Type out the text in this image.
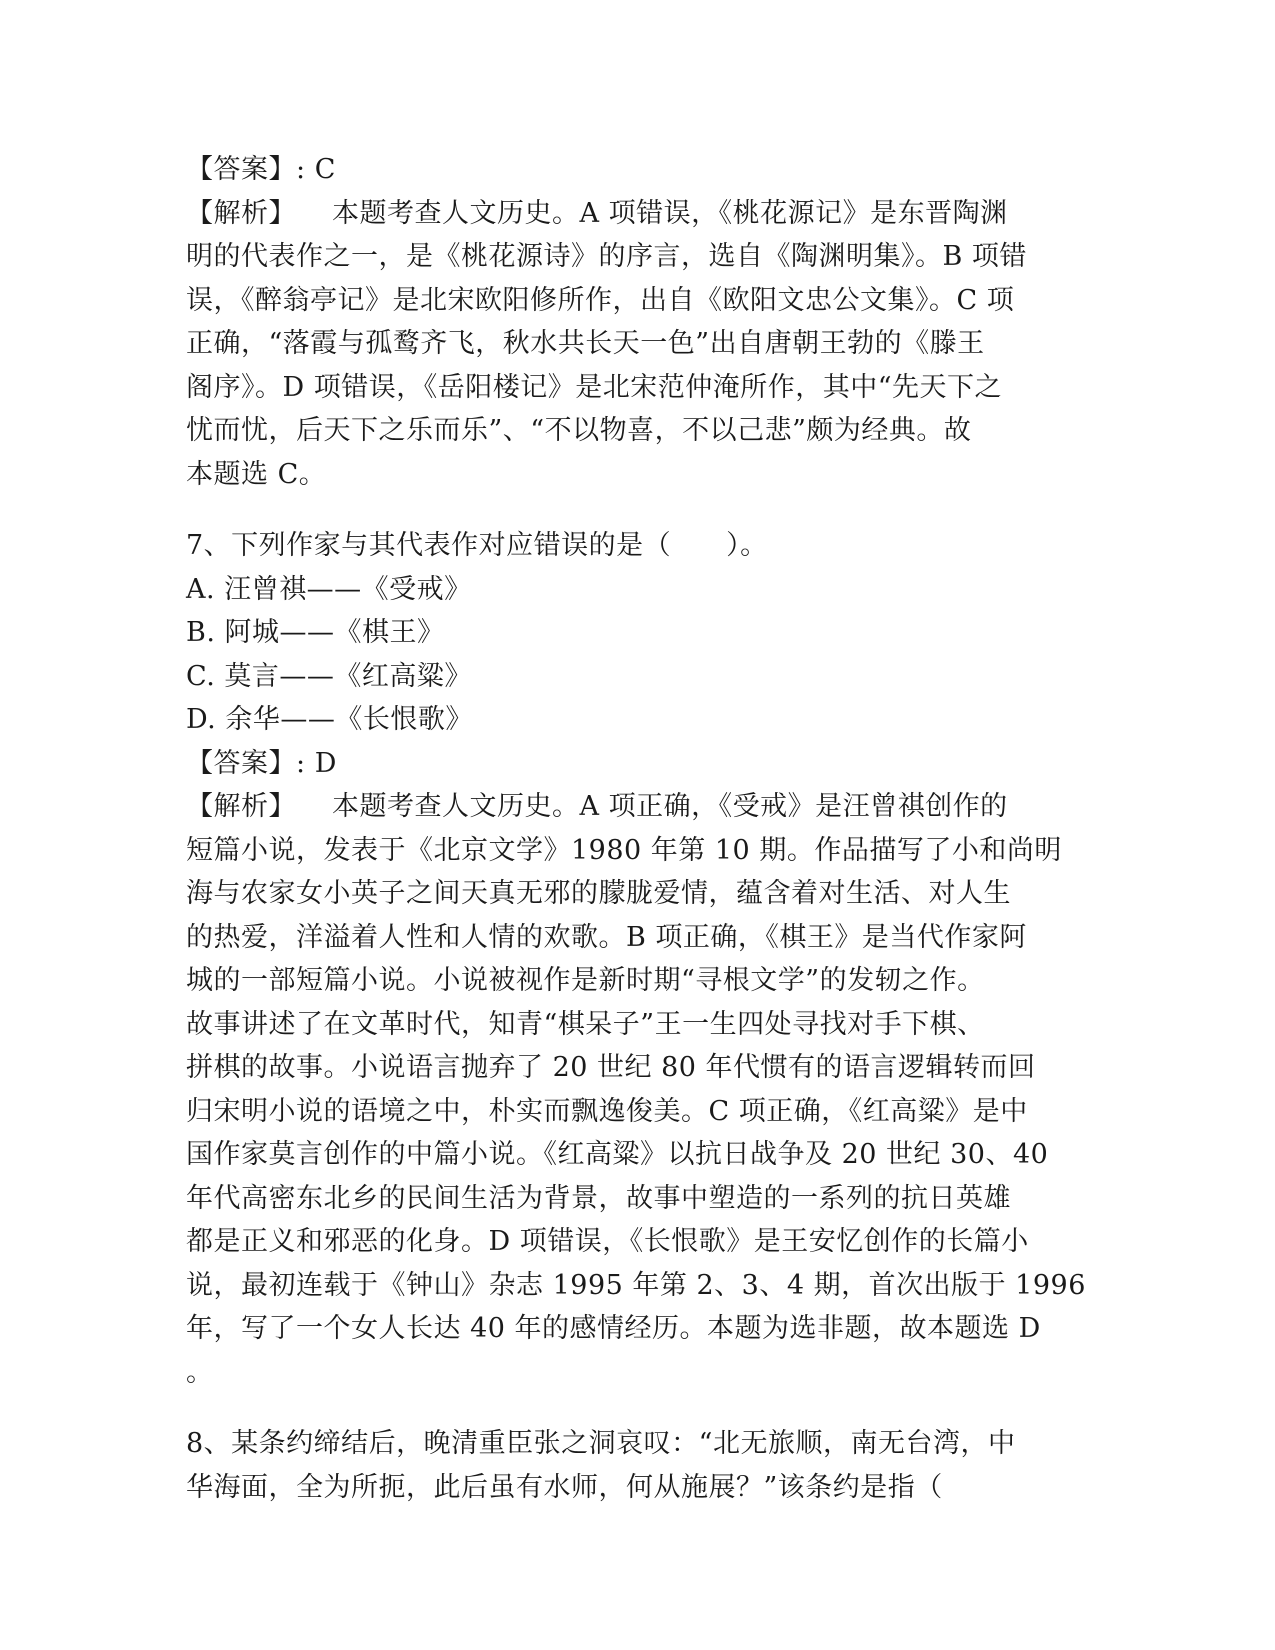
【答案】: C
【解析】 本题考查人文历史。A 项错误，《桃花源记》是东晋陶渊
明的代表作之一，是《桃花源诗》的序言，选自《陶渊明集》。B 项错
误，《醉翁亭记》是北宋欧阳修所作，出自《欧阳文忠公文集》。C 项
正确，“落霞与孤鹜齐飞，秋水共长天一色”出自唐朝王勃的《滕王
阁序》。D 项错误，《岳阳楼记》是北宋范仲淹所作，其中“先天下之
忧而忧，后天下之乐而乐”、“不以物喜，不以己悲”颇为经典。故
本题选 C。
7、下列作家与其代表作对应错误的是（　　）。
A. 汪曾祺——《受戒》
B. 阿城——《棋王》
C. 莫言——《红高粱》
D. 余华——《长恨歌》
【答案】: D
【解析】 本题考查人文历史。A 项正确，《受戒》是汪曾祺创作的
短篇小说，发表于《北京文学》1980 年第 10 期。作品描写了小和尚明
海与农家女小英子之间天真无邪的朦胧爱情，蕴含着对生活、对人生
的热爱，洋溢着人性和人情的欢歌。B 项正确，《棋王》是当代作家阿
城的一部短篇小说。小说被视作是新时期“寻根文学”的发轫之作。
故事讲述了在文革时代，知青“棋呆子”王一生四处寻找对手下棋、
拼棋的故事。小说语言抛弃了 20 世纪 80 年代惯有的语言逻辑转而回
归宋明小说的语境之中，朴实而飘逸俊美。C 项正确，《红高粱》是中
国作家莫言创作的中篇小说。《红高粱》以抗日战争及 20 世纪 30、40
年代高密东北乡的民间生活为背景，故事中塑造的一系列的抗日英雄
都是正义和邪恶的化身。D 项错误，《长恨歌》是王安忆创作的长篇小
说，最初连载于《钟山》杂志 1995 年第 2、3、4 期，首次出版于 1996
年，写了一个女人长达 40 年的感情经历。本题为选非题，故本题选 D
。
8、某条约缔结后，晚清重臣张之洞哀叹：“北无旅顺，南无台湾，中
华海面，全为所扼，此后虽有水师，何从施展？”该条约是指（
